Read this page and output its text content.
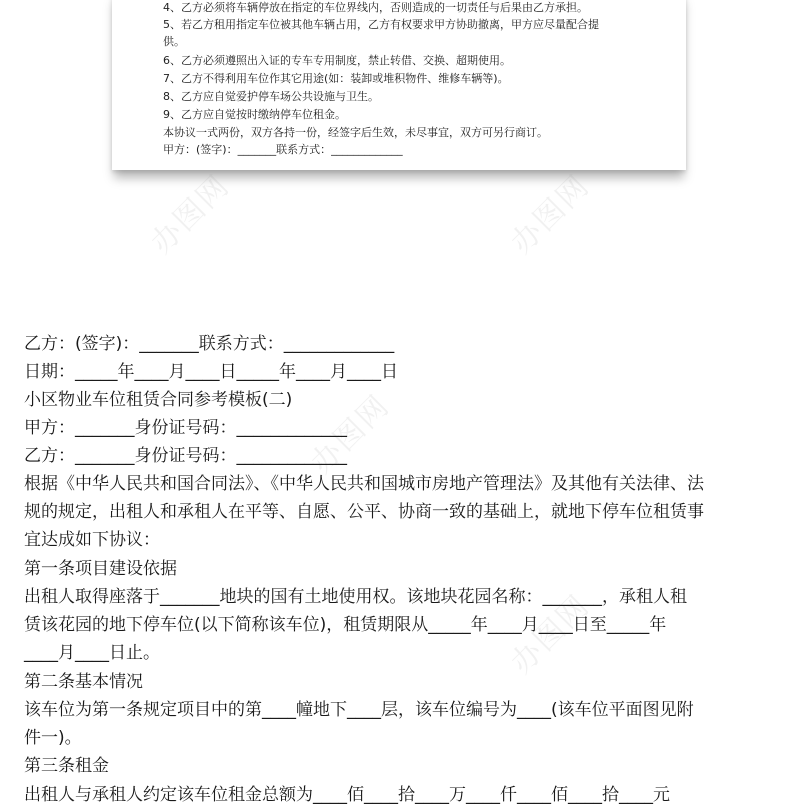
4、乙方必须将车辆停放在指定的车位界线内，否则造成的一切责任与后果由乙方承担。

5、若乙方租用指定车位被其他车辆占用，乙方有权要求甲方协助撤离，甲方应尽量配合提

供。

6、乙方必须遵照出入证的专车专用制度，禁止转借、交换、超期使用。

7、乙方不得利用车位作其它用途(如：装卸或堆积物件、维修车辆等)。

8、乙方应自觉爱护停车场公共设施与卫生。

9、乙方应自觉按时缴纳停车位租金。

本协议一式两份，双方各持一份，经签字后生效，未尽事宜，双方可另行商订。

甲方：(签字)：_______联系方式：_____________

办图网	办图网
办图网
办图网

乙方：(签字)：_______联系方式：_____________

日期：_____年____月____日_____年____月____日

小区物业车位租赁合同参考模板(二)

甲方：_______身份证号码：_____________

乙方：_______身份证号码：_____________

根据《中华人民共和国合同法》、《中华人民共和国城市房地产管理法》及其他有关法律、法

规的规定，出租人和承租人在平等、自愿、公平、协商一致的基础上，就地下停车位租赁事

宜达成如下协议：

第一条项目建设依据

出租人取得座落于_______地块的国有土地使用权。该地块花园名称：_______，承租人租

赁该花园的地下停车位(以下简称该车位)，租赁期限从_____年____月____日至_____年

____月____日止。

第二条基本情况

该车位为第一条规定项目中的第____幢地下____层，该车位编号为____(该车位平面图见附

件一)。

第三条租金

出租人与承租人约定该车位租金总额为____佰____拾____万____仟____佰____拾____元
